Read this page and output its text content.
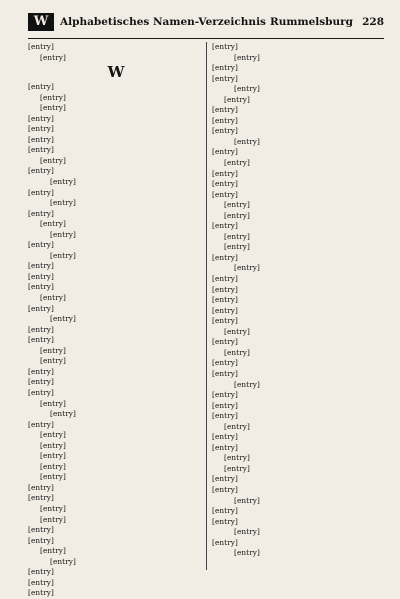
W	Alphabetisches Namen-Verzeichnis Rummelsburg 228
[entry]
[entry]
W
[entry]
[entry]
[entry]
[entry]
[entry]
[entry]
[entry]
[entry]
[entry]
[entry]
[entry]
[entry]
[entry]
[entry]
[entry]
[entry]
[entry]
[entry]
[entry]
[entry]
[entry]
[entry]
[entry]
[entry]
[entry]
[entry]
[entry]
[entry]
[entry]
[entry]
[entry]
[entry]
[entry]
[entry]
[entry]
[entry]
[entry]
[entry]
[entry]
[entry]
[entry]
[entry]
[entry]
[entry]
[entry]
[entry]
[entry]
[entry]
[entry]
[entry]
[entry]
[entry]
[entry]
[entry]
[entry]
[entry]
[entry]
[entry]
[entry]
[entry]
[entry]
[entry]
[entry]
[entry]
[entry]
[entry]
[entry]
[entry]
[entry]
[entry]
[entry]
[entry]
[entry]
[entry]
[entry]
[entry]
[entry]
[entry]
[entry]
[entry]
[entry]
[entry]
[entry]
[entry]
[entry]
[entry]
[entry]
[entry]
[entry]
[entry]
[entry]
[entry]
[entry]
[entry]
[entry]
[entry]
[entry]
[entry]
